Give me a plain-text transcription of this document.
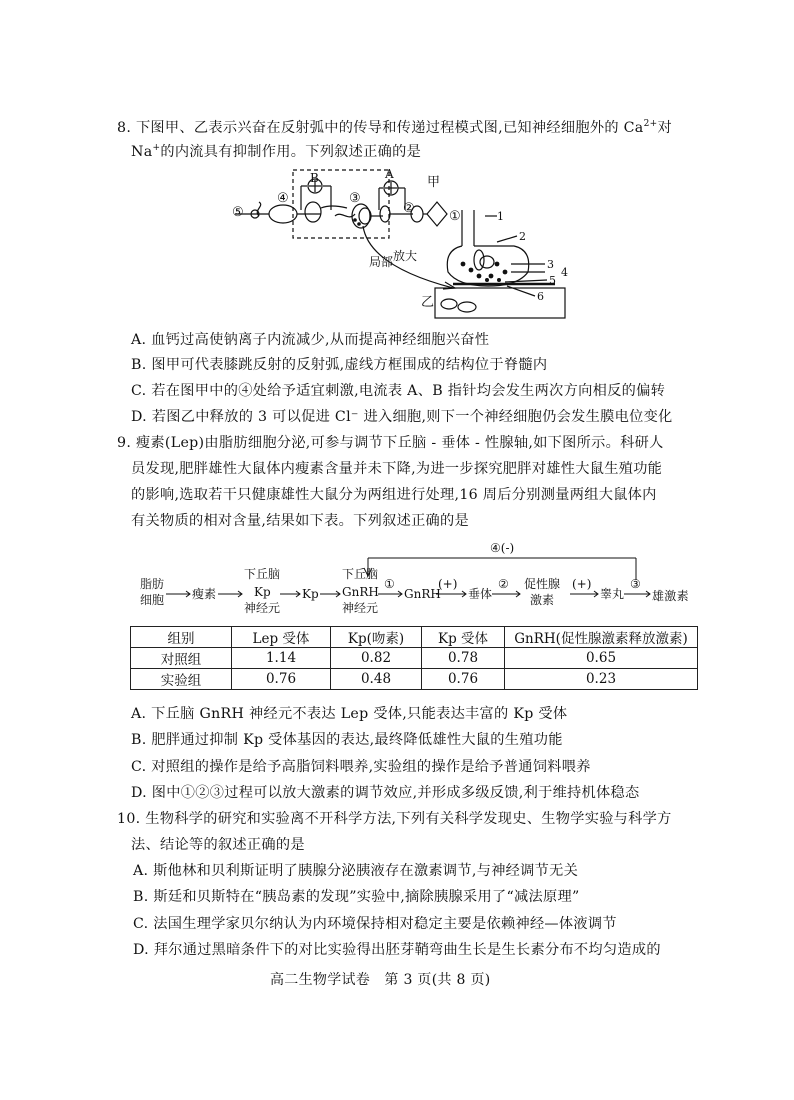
8. 下图甲、乙表示兴奋在反射弧中的传导和传递过程模式图,已知神经细胞外的 $Ca^{2+}$对
Na+的内流具有抑制作用。下列叙述正确的是
④
B
③
A
甲
②
①
放大
局部
乙
1
2
3
4
5
6
⑤
A. 血钙过高使钠离子内流减少,从而提高神经细胞兴奋性
B. 图甲可代表膝跳反射的反射弧,虚线方框围成的结构位于脊髓内
C. 若在图甲中的④处给予适宜刺激,电流表 A、B 指针均会发生两次方向相反的偏转
D. 若图乙中释放的 3 可以促进 Cl⁻ 进入细胞,则下一个神经细胞仍会发生膜电位变化
9. 瘦素(Lep)由脂肪细胞分泌,可参与调节下丘脑 - 垂体 - 性腺轴,如下图所示。科研人
员发现,肥胖雄性大鼠体内瘦素含量并未下降,为进一步探究肥胖对雄性大鼠生殖功能
的影响,选取若干只健康雄性大鼠分为两组进行处理,16 周后分别测量两组大鼠体内
有关物质的相对含量,结果如下表。下列叙述正确的是
④(-)
脂肪
细胞 瘦素
下丘脑
Kp
神经元
Kp
下丘脑
GnRH
神经元
①
GnRH
(+)
垂体
② 促性腺
激素
(+)
睾丸
③
雄激素
组别	Lep 受体	Kp(吻素)	Kp 受体	GnRH(促性腺激素释放激素)
对照组	1.14	0.82	0.78	0.65
实验组	0.76	0.48	0.76	0.23
A. 下丘脑 GnRH 神经元不表达 Lep 受体,只能表达丰富的 Kp 受体
B. 肥胖通过抑制 Kp 受体基因的表达,最终降低雄性大鼠的生殖功能
C. 对照组的操作是给予高脂饲料喂养,实验组的操作是给予普通饲料喂养
D. 图中①②③过程可以放大激素的调节效应,并形成多级反馈,利于维持机体稳态
10. 生物科学的研究和实验离不开科学方法,下列有关科学发现史、生物学实验与科学方
法、结论等的叙述正确的是
A. 斯他林和贝利斯证明了胰腺分泌胰液存在激素调节,与神经调节无关
B. 斯廷和贝斯特在“胰岛素的发现”实验中,摘除胰腺采用了“减法原理”
C. 法国生理学家贝尔纳认为内环境保持相对稳定主要是依赖神经—体液调节
D. 拜尔通过黑暗条件下的对比实验得出胚芽鞘弯曲生长是生长素分布不均匀造成的
高二生物学试卷　第 3 页(共 8 页)
